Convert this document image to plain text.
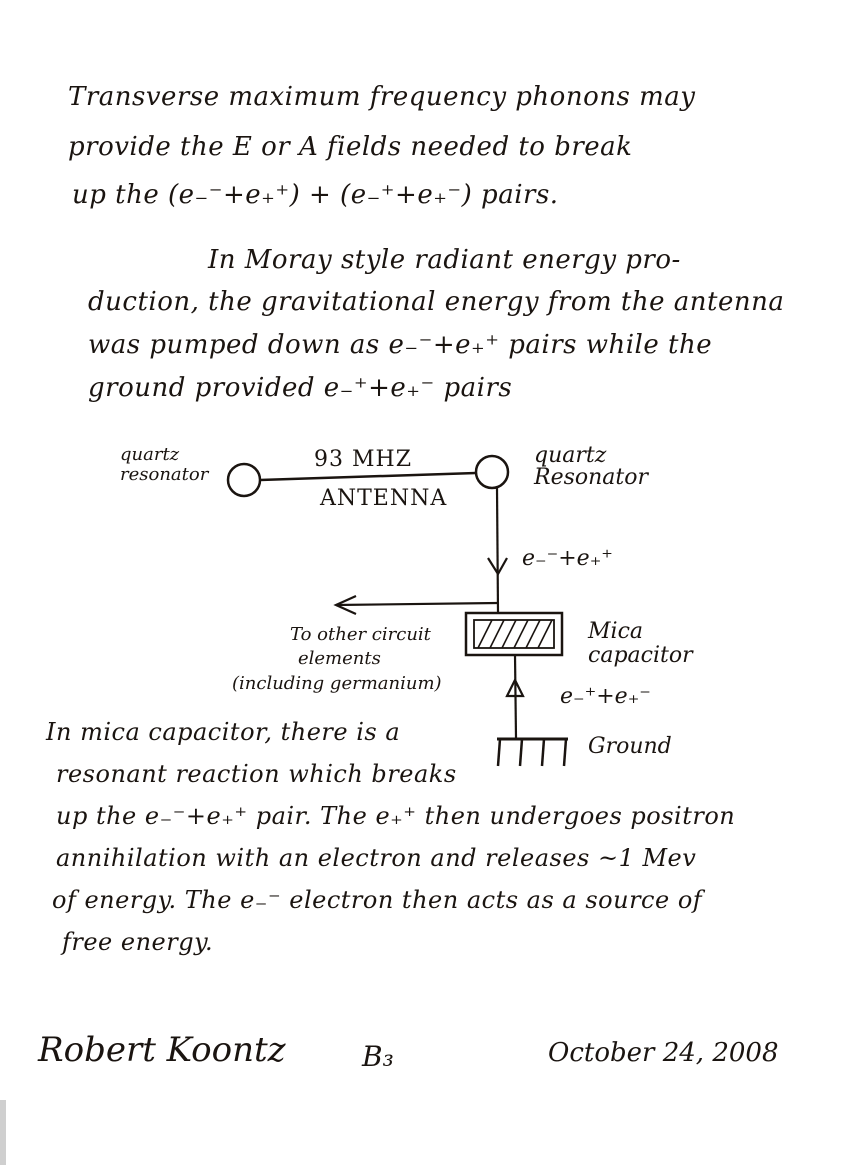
Transverse maximum frequency phonons may
provide the E or A fields needed to break
up the (e₋⁻+e₊⁺) + (e₋⁺+e₊⁻) pairs.
In Moray style radiant energy pro-
duction, the gravitational energy from the antenna
was pumped down as e₋⁻+e₊⁺ pairs while the
ground provided e₋⁺+e₊⁻ pairs
quartz resonator
quartz Resonator
93 MHZ
ANTENNA
e₋⁻+e₊⁺
Mica capacitor
To other circuit
elements
(including germanium)
e₋⁺+e₊⁻
Ground
In mica capacitor, there is a
resonant reaction which breaks
up the e₋⁻+e₊⁺ pair. The e₊⁺ then undergoes positron
annihilation with an electron and releases ~1 Mev
of energy. The e₋⁻ electron then acts as a source of
free energy.
Robert Koontz	B₃	October 24, 2008
